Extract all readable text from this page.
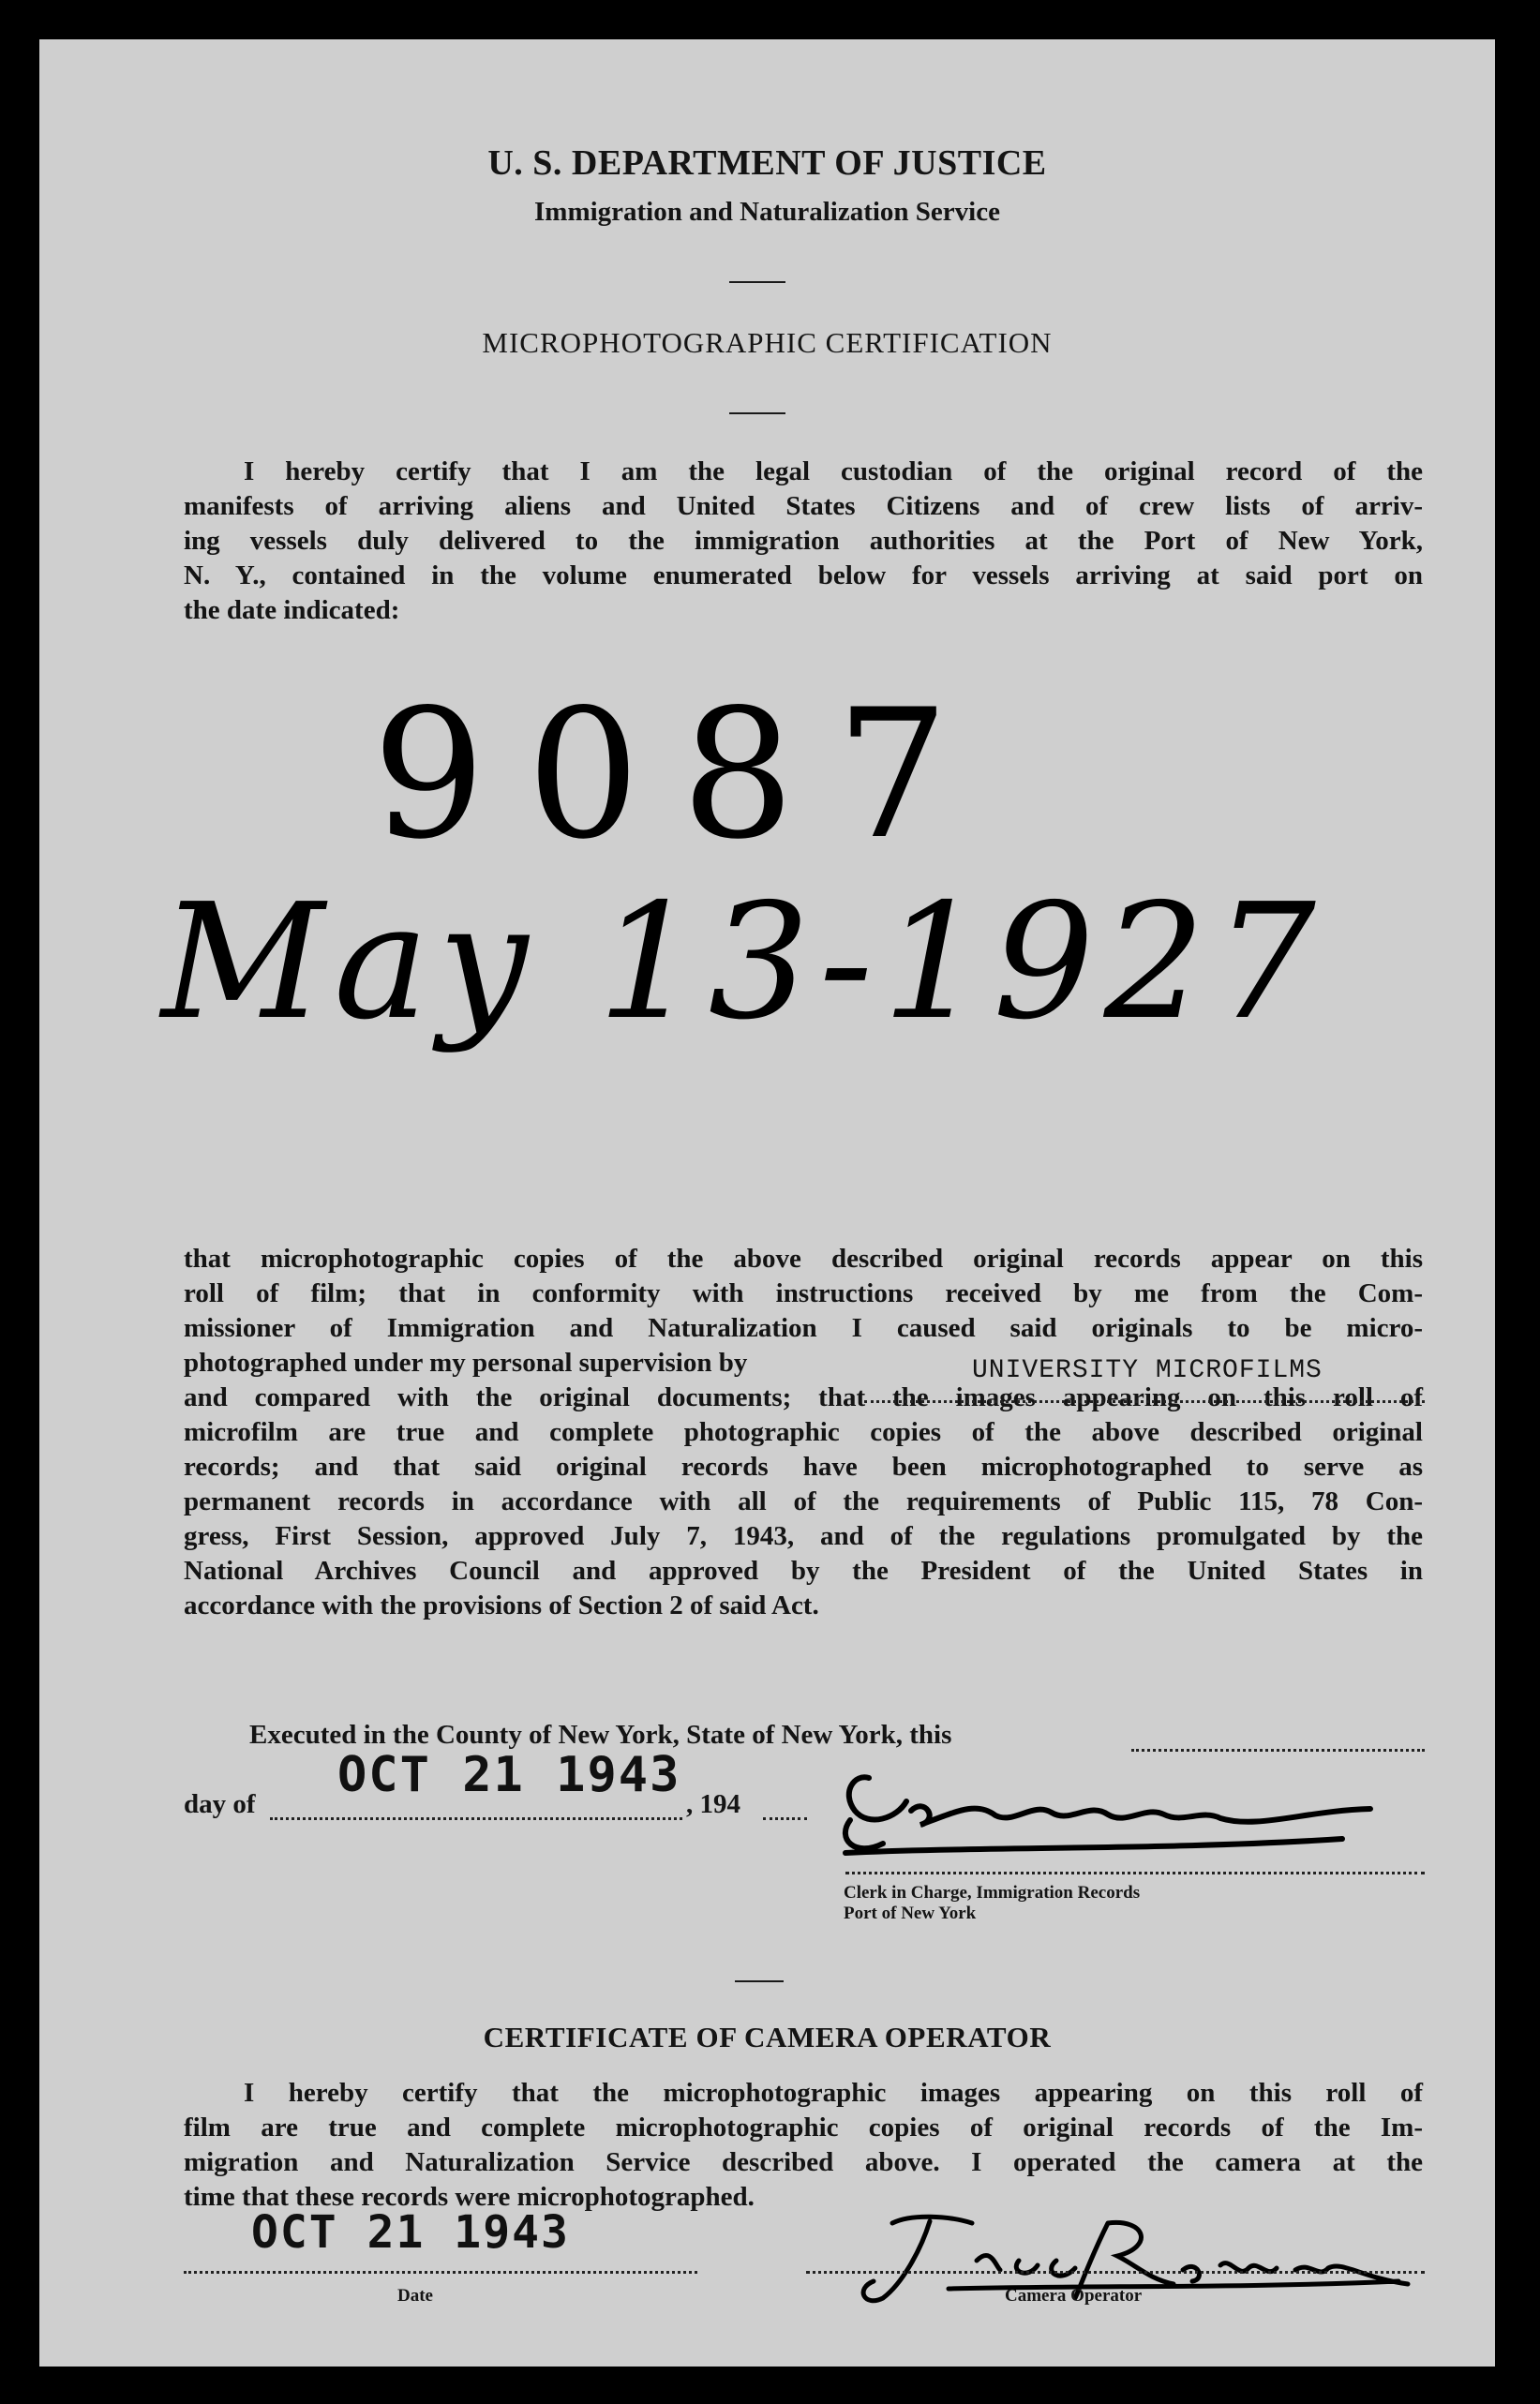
U. S. DEPARTMENT OF JUSTICE
Immigration and Naturalization Service
MICROPHOTOGRAPHIC CERTIFICATION
I hereby certify that I am the legal custodian of the original record of the
manifests of arriving aliens and United States Citizens and of crew lists of arriv-
ing vessels duly delivered to the immigration authorities at the Port of New York,
N. Y., contained in the volume enumerated below for vessels arriving at said port on
the date indicated:
9087
May 13-1927
that microphotographic copies of the above described original records appear on this
roll of film; that in conformity with instructions received by me from the Com-
missioner of Immigration and Naturalization I caused said originals to be micro-
photographed under my personal supervision by
and compared with the original documents; that the images appearing on this roll of
microfilm are true and complete photographic copies of the above described original
records; and that said original records have been microphotographed to serve as
permanent records in accordance with all of the requirements of Public 115, 78 Con-
gress, First Session, approved July 7, 1943, and of the regulations promulgated by the
National Archives Council and approved by the President of the United States in
accordance with the provisions of Section 2 of said Act.
UNIVERSITY MICROFILMS
Executed in the County of New York, State of New York, this
day of
OCT 21 1943
, 194
Clerk in Charge, Immigration Records
Port of New York
CERTIFICATE OF CAMERA OPERATOR
I hereby certify that the microphotographic images appearing on this roll of
film are true and complete microphotographic copies of original records of the Im-
migration and Naturalization Service described above. I operated the camera at the
time that these records were microphotographed.
OCT 21 1943
Date	Camera Operator
